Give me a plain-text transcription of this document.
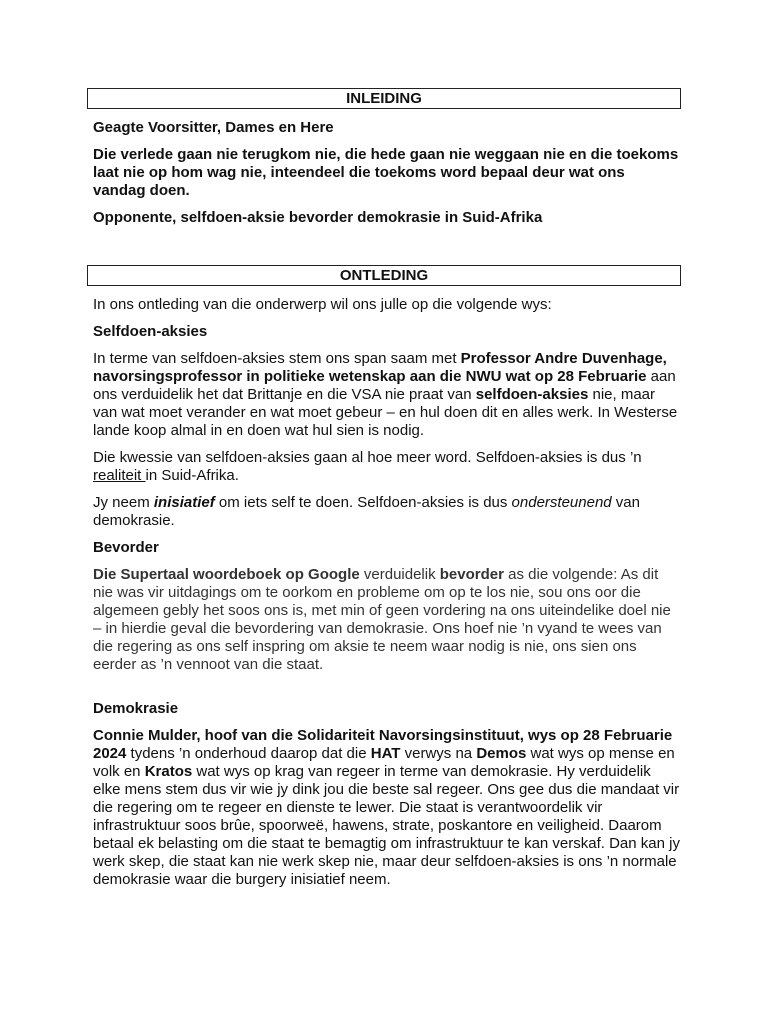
INLEIDING

Geagte Voorsitter, Dames en Here

Die verlede gaan nie terugkom nie, die hede gaan nie weggaan nie en die toekoms laat nie op hom wag nie, inteendeel die toekoms word bepaal deur wat ons vandag doen.

Opponente, selfdoen-aksie bevorder demokrasie in Suid-Afrika

ONTLEDING

In ons ontleding van die onderwerp wil ons julle op die volgende wys:

Selfdoen-aksies

In terme van selfdoen-aksies stem ons span saam met Professor Andre Duvenhage, navorsingsprofessor in politieke wetenskap aan die NWU wat op 28 Februarie aan ons verduidelik het dat Brittanje en die VSA nie praat van selfdoen-aksies nie, maar van wat moet verander en wat moet gebeur – en hul doen dit en alles werk. In Westerse lande koop almal in en doen wat hul sien is nodig.

Die kwessie van selfdoen-aksies gaan al hoe meer word. Selfdoen-aksies is dus ’n realiteit in Suid-Afrika.

Jy neem inisiatief om iets self te doen. Selfdoen-aksies is dus ondersteunend van demokrasie.

Bevorder

Die Supertaal woordeboek op Google verduidelik bevorder as die volgende: As dit nie was vir uitdagings om te oorkom en probleme om op te los nie, sou ons oor die algemeen gebly het soos ons is, met min of geen vordering na ons uiteindelike doel nie – in hierdie geval die bevordering van demokrasie. Ons hoef nie ’n vyand te wees van die regering as ons self inspring om aksie te neem waar nodig is nie, ons sien ons eerder as ’n vennoot van die staat.

Demokrasie

Connie Mulder, hoof van die Solidariteit Navorsingsinstituut, wys op 28 Februarie 2024 tydens ’n onderhoud daarop dat die HAT verwys na Demos wat wys op mense en volk en Kratos wat wys op krag van regeer in terme van demokrasie. Hy verduidelik elke mens stem dus vir wie jy dink jou die beste sal regeer. Ons gee dus die mandaat vir die regering om te regeer en dienste te lewer. Die staat is verantwoordelik vir infrastruktuur soos brûe, spoorweë, hawens, strate, poskantore en veiligheid. Daarom betaal ek belasting om die staat te bemagtig om infrastruktuur te kan verskaf. Dan kan jy werk skep, die staat kan nie werk skep nie, maar deur selfdoen-aksies is ons ’n normale demokrasie waar die burgery inisiatief neem.
